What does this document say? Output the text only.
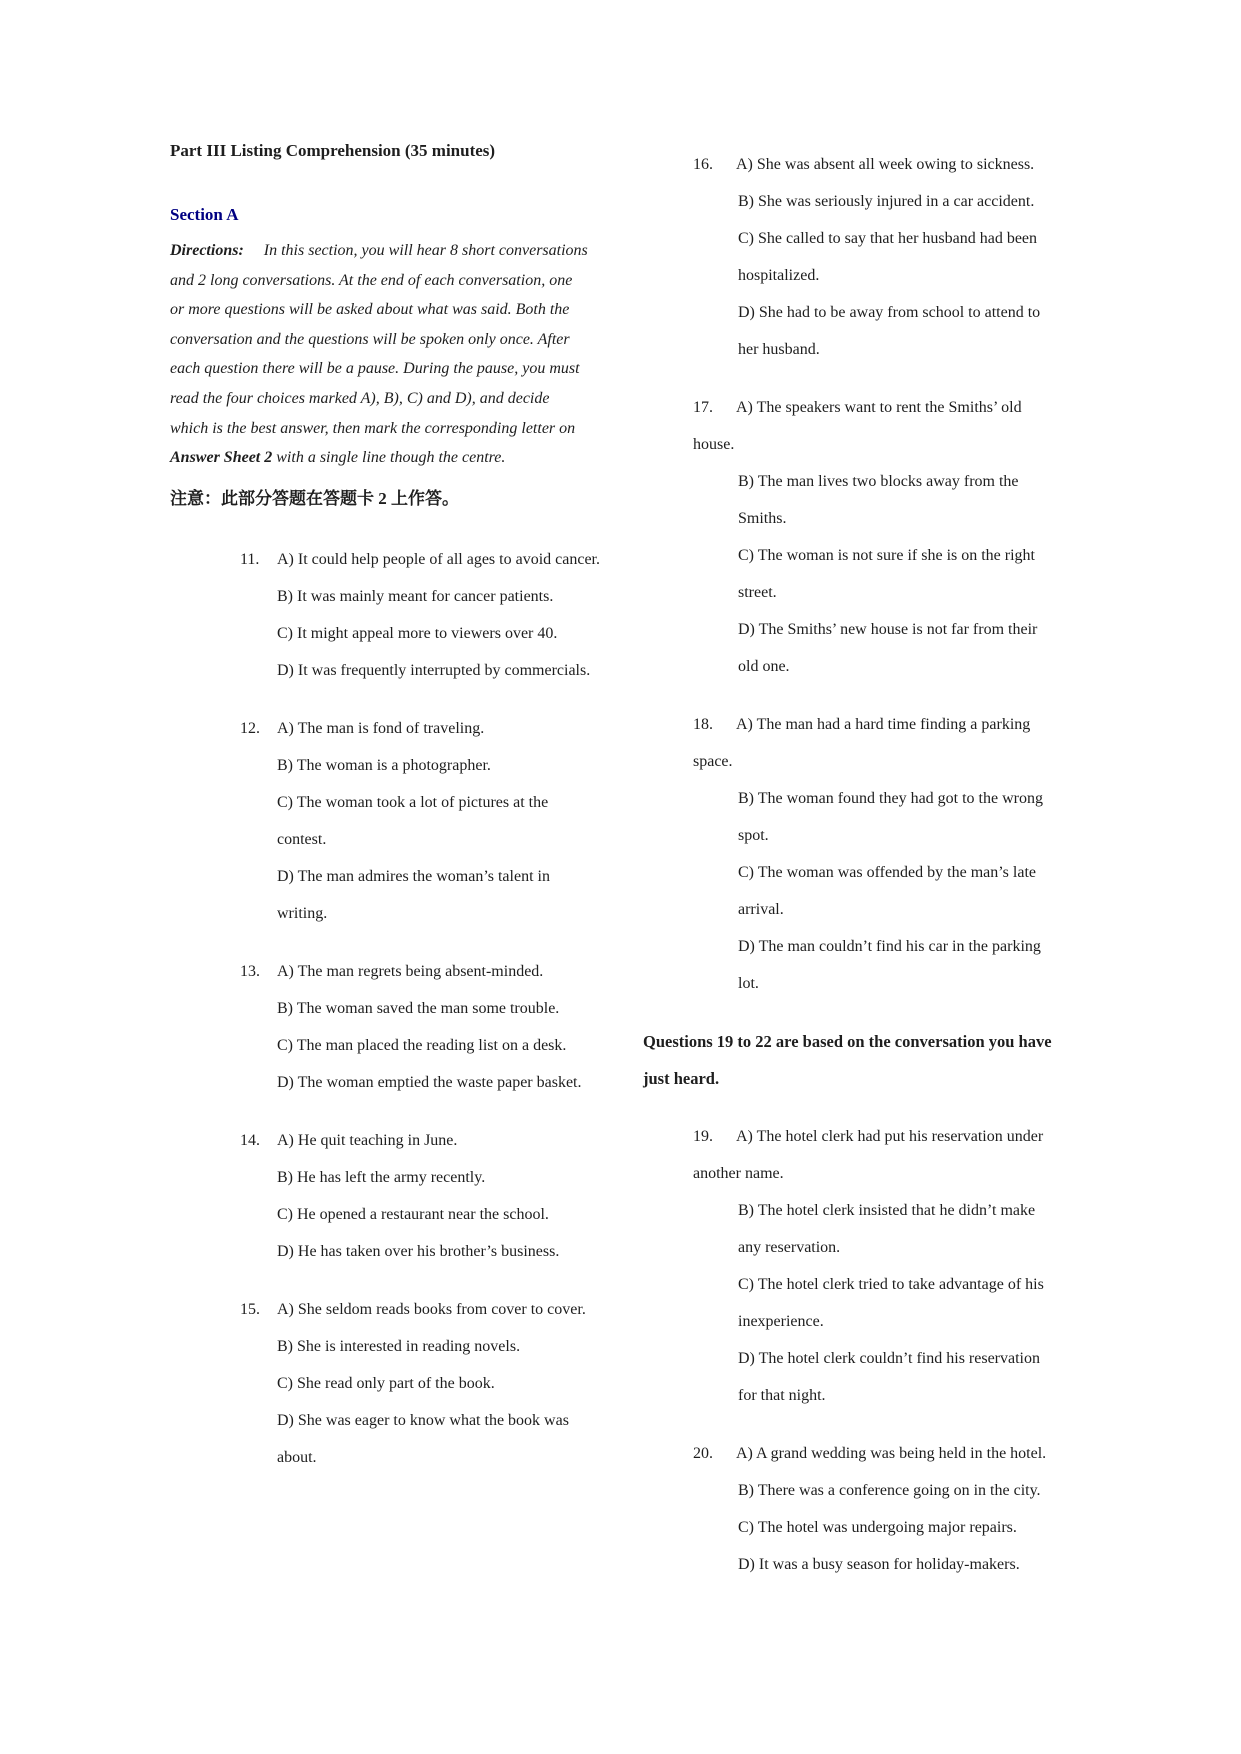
Part III Listing Comprehension (35 minutes)

Section A

Directions: In this section, you will hear 8 short conversations
and 2 long conversations. At the end of each conversation, one
or more questions will be asked about what was said. Both the
conversation and the questions will be spoken only once. After
each question there will be a pause. During the pause, you must
read the four choices marked A), B), C) and D), and decide
which is the best answer, then mark the corresponding letter on
Answer Sheet 2 with a single line though the centre.

注意：此部分答题在答题卡 2 上作答。

11. A) It could help people of all ages to avoid cancer.

B) It was mainly meant for cancer patients.

C) It might appeal more to viewers over 40.

D) It was frequently interrupted by commercials.

12. A) The man is fond of traveling.

B) The woman is a photographer.

C) The woman took a lot of pictures at the
contest.

D) The man admires the woman’s talent in
writing.

13. A) The man regrets being absent-minded.

B) The woman saved the man some trouble.

C) The man placed the reading list on a desk.

D) The woman emptied the waste paper basket.

14. A) He quit teaching in June.

B) He has left the army recently.

C) He opened a restaurant near the school.

D) He has taken over his brother’s business.

15. A) She seldom reads books from cover to cover.

B) She is interested in reading novels.

C) She read only part of the book.

D) She was eager to know what the book was
about.

16. A) She was absent all week owing to sickness.

B) She was seriously injured in a car accident.

C) She called to say that her husband had been
hospitalized.

D) She had to be away from school to attend to
her husband.

17. A) The speakers want to rent the Smiths’ old
house.

B) The man lives two blocks away from the
Smiths.

C) The woman is not sure if she is on the right
street.

D) The Smiths’ new house is not far from their
old one.

18. A) The man had a hard time finding a parking
space.

B) The woman found they had got to the wrong
spot.

C) The woman was offended by the man’s late
arrival.

D) The man couldn’t find his car in the parking
lot.

Questions 19 to 22 are based on the conversation you have
just heard.

19. A) The hotel clerk had put his reservation under
another name.

B) The hotel clerk insisted that he didn’t make
any reservation.

C) The hotel clerk tried to take advantage of his
inexperience.

D) The hotel clerk couldn’t find his reservation
for that night.

20. A) A grand wedding was being held in the hotel.

B) There was a conference going on in the city.

C) The hotel was undergoing major repairs.

D) It was a busy season for holiday-makers.
